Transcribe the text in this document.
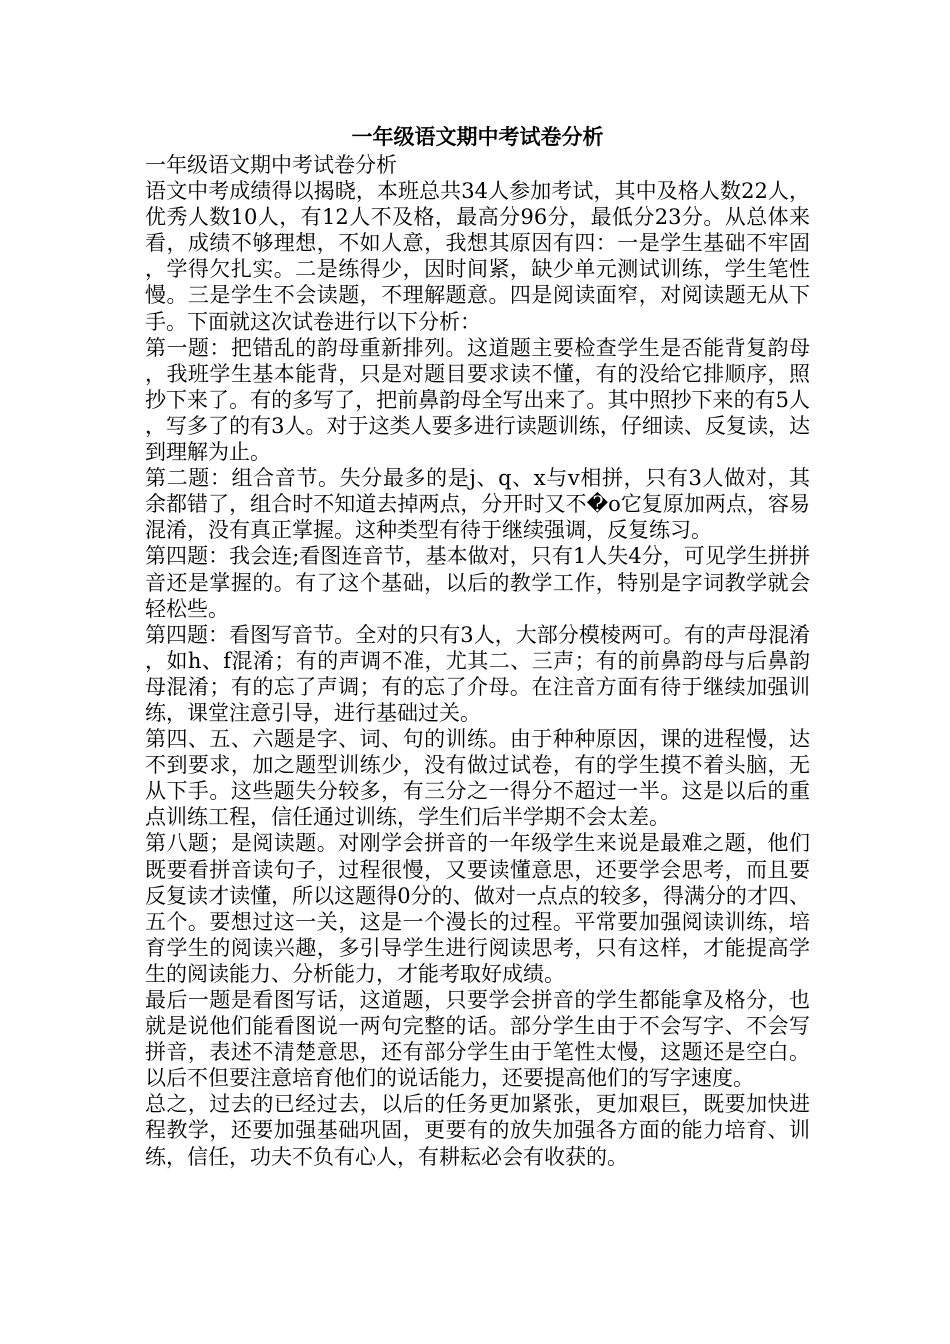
一年级语文期中考试卷分析

一年级语文期中考试卷分析

语文中考成绩得以揭晓，本班总共34人参加考试，其中及格人数22人，优秀人数10人，有12人不及格，最高分96分，最低分23分。从总体来看，成绩不够理想，不如人意，我想其原因有四：一是学生基础不牢固，学得欠扎实。二是练得少，因时间紧，缺少单元测试训练，学生笔性慢。三是学生不会读题，不理解题意。四是阅读面窄，对阅读题无从下手。下面就这次试卷进行以下分析：

第一题：把错乱的韵母重新排列。这道题主要检查学生是否能背复韵母，我班学生基本能背，只是对题目要求读不懂，有的没给它排顺序，照抄下来了。有的多写了，把前鼻韵母全写出来了。其中照抄下来的有5人，写多了的有3人。对于这类人要多进行读题训练，仔细读、反复读，达到理解为止。

第二题：组合音节。失分最多的是j、q、x与v相拼，只有3人做对，其余都错了，组合时不知道去掉两点，分开时又不�o它复原加两点，容易混淆，没有真正掌握。这种类型有待于继续强调，反复练习。

第四题：我会连;看图连音节，基本做对，只有1人失4分，可见学生拼拼音还是掌握的。有了这个基础，以后的教学工作，特别是字词教学就会轻松些。

第四题：看图写音节。全对的只有3人，大部分模棱两可。有的声母混淆，如h、f混淆；有的声调不准，尤其二、三声；有的前鼻韵母与后鼻韵母混淆；有的忘了声调；有的忘了介母。在注音方面有待于继续加强训练，课堂注意引导，进行基础过关。

第四、五、六题是字、词、句的训练。由于种种原因，课的进程慢，达不到要求，加之题型训练少，没有做过试卷，有的学生摸不着头脑，无从下手。这些题失分较多，有三分之一得分不超过一半。这是以后的重点训练工程，信任通过训练，学生们后半学期不会太差。

第八题；是阅读题。对刚学会拼音的一年级学生来说是最难之题，他们既要看拼音读句子，过程很慢，又要读懂意思，还要学会思考，而且要反复读才读懂，所以这题得0分的、做对一点点的较多，得满分的才四、五个。要想过这一关，这是一个漫长的过程。平常要加强阅读训练，培育学生的阅读兴趣，多引导学生进行阅读思考，只有这样，才能提高学生的阅读能力、分析能力，才能考取好成绩。

最后一题是看图写话，这道题，只要学会拼音的学生都能拿及格分，也就是说他们能看图说一两句完整的话。部分学生由于不会写字、不会写拼音，表述不清楚意思，还有部分学生由于笔性太慢，这题还是空白。以后不但要注意培育他们的说话能力，还要提高他们的写字速度。

总之，过去的已经过去，以后的任务更加紧张，更加艰巨，既要加快进程教学，还要加强基础巩固，更要有的放失加强各方面的能力培育、训练，信任，功夫不负有心人，有耕耘必会有收获的。
